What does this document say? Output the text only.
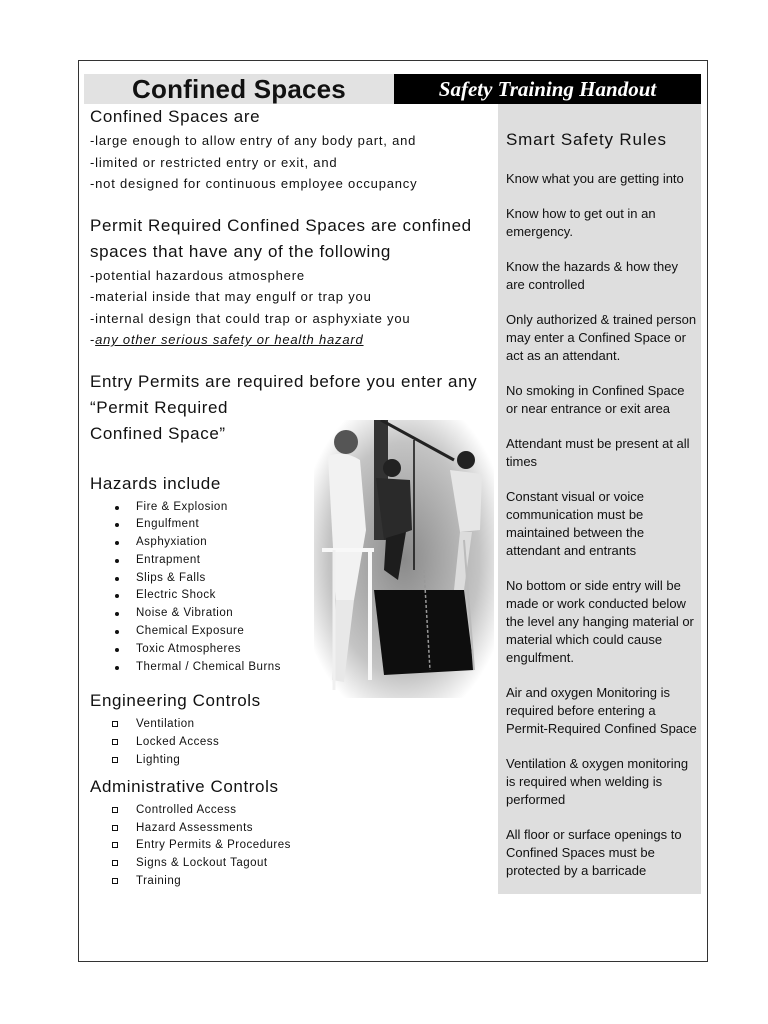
Confined Spaces	Safety Training Handout

Confined Spaces are

-large enough to allow entry of any body part, and

-limited or restricted entry or exit, and

-not designed for continuous employee occupancy

Permit Required Confined Spaces are confined

spaces that have any of the following

-potential hazardous atmosphere

-material inside that may engulf or trap you

-internal design that could trap or asphyxiate you

-any other serious safety or health hazard

Entry Permits are required before you enter any

“Permit Required

Confined Space”

Hazards include

Fire & Explosion
Engulfment
Asphyxiation
Entrapment
Slips & Falls
Electric Shock
Noise & Vibration
Chemical Exposure
Toxic Atmospheres
Thermal / Chemical Burns

Engineering Controls

Ventilation
Locked Access
Lighting

Administrative Controls

Controlled Access
Hazard Assessments
Entry Permits & Procedures
Signs & Lockout Tagout
Training
Smart Safety Rules

Know what you are getting into

Know how to get out in an emergency.

Know the hazards & how they are controlled

Only authorized & trained person may enter a Confined Space or act as an attendant.

No smoking in Confined Space or near entrance or exit area

Attendant must be present at all times

Constant visual or voice communication must be maintained between the attendant and entrants

No bottom or side entry will be made or work conducted below the level any hanging material or material which could cause engulfment.

Air and oxygen Monitoring is required before entering a Permit-Required Confined Space

Ventilation & oxygen monitoring is required when welding is performed

All floor or surface openings to Confined Spaces must be protected by a barricade
